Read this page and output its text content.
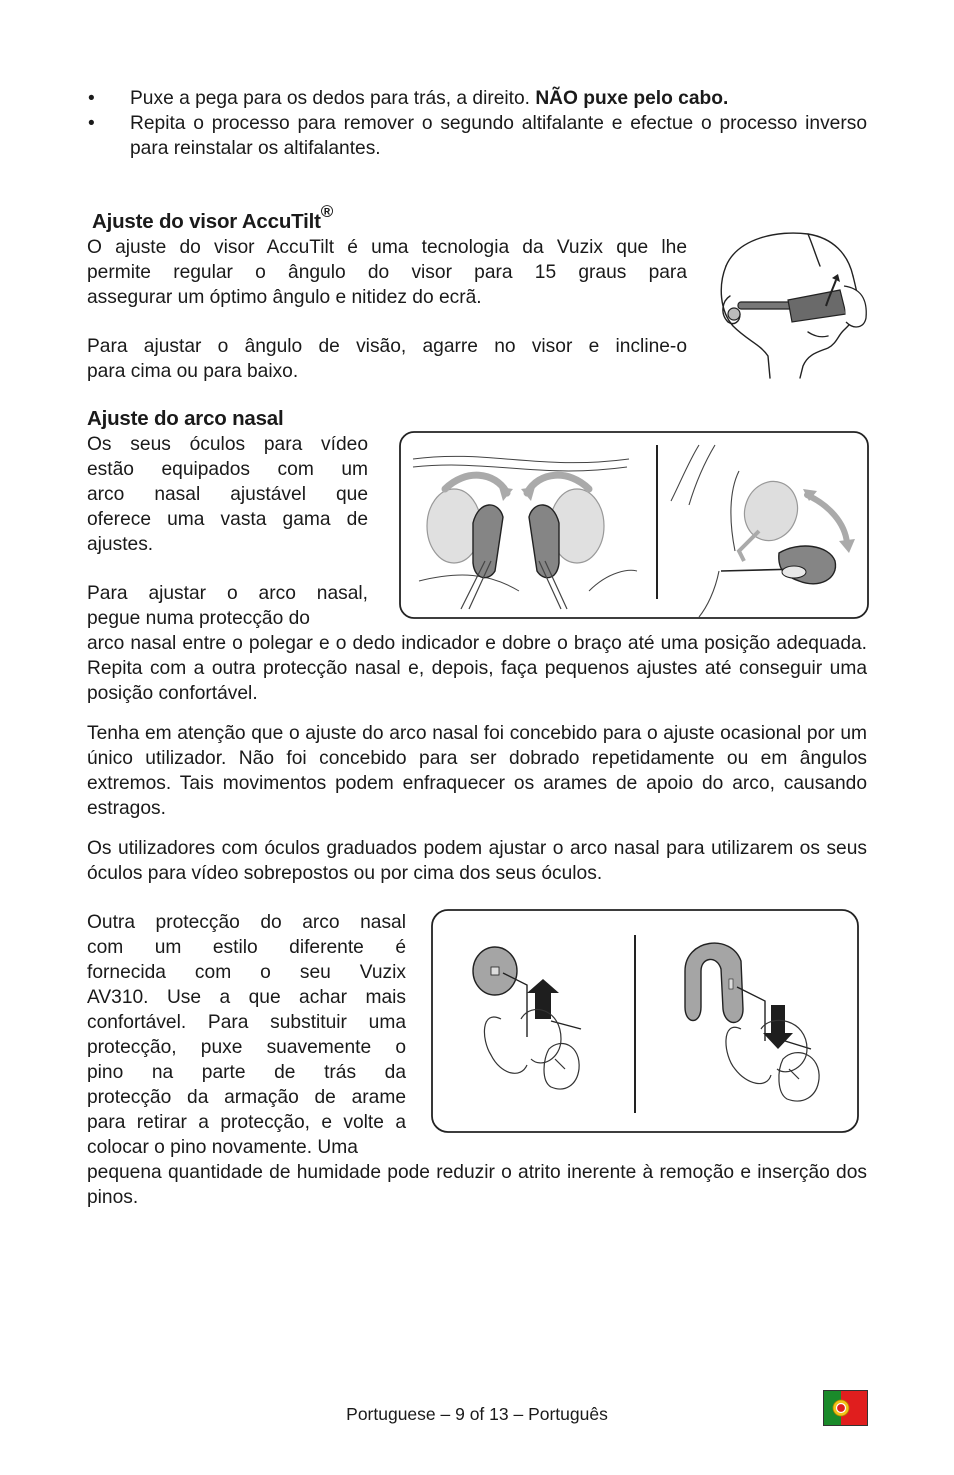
• Puxe a pega para os dedos para trás, a direito. NÃO puxe pelo cabo.
• Repita o processo para remover o segundo altifalante e efectue o processo inverso para reinstalar os altifalantes.
Ajuste do visor AccuTilt®

O ajuste do visor AccuTilt é uma tecnologia da Vuzix que lhe
permite regular o ângulo do visor para 15 graus para
assegurar um óptimo ângulo e nitidez do ecrã.

Para ajustar o ângulo de visão, agarre no visor e incline-o
para cima ou para baixo.

Ajuste do arco nasal

Os seus óculos para vídeo
estão equipados com um
arco nasal ajustável que
oferece uma vasta gama de
ajustes.

Para ajustar o arco nasal,
pegue numa protecção do

arco nasal entre o polegar e o dedo indicador e dobre o braço até uma posição adequada. Repita com a outra protecção nasal e, depois, faça pequenos ajustes até conseguir uma posição confortável.

Tenha em atenção que o ajuste do arco nasal foi concebido para o ajuste ocasional por um único utilizador. Não foi concebido para ser dobrado repetidamente ou em ângulos extremos. Tais movimentos podem enfraquecer os arames de apoio do arco, causando estragos.

Os utilizadores com óculos graduados podem ajustar o arco nasal para utilizarem os seus óculos para vídeo sobrepostos ou por cima dos seus óculos.

Outra protecção do arco nasal
com um estilo diferente é
fornecida com o seu Vuzix
AV310. Use a que achar mais
confortável. Para substituir uma
protecção, puxe suavemente o
pino na parte de trás da
protecção da armação de arame
para retirar a protecção, e volte a
colocar o pino novamente. Uma

pequena quantidade de humidade pode reduzir o atrito inerente à remoção e inserção dos pinos.

Portuguese – 9 of 13 – Português
